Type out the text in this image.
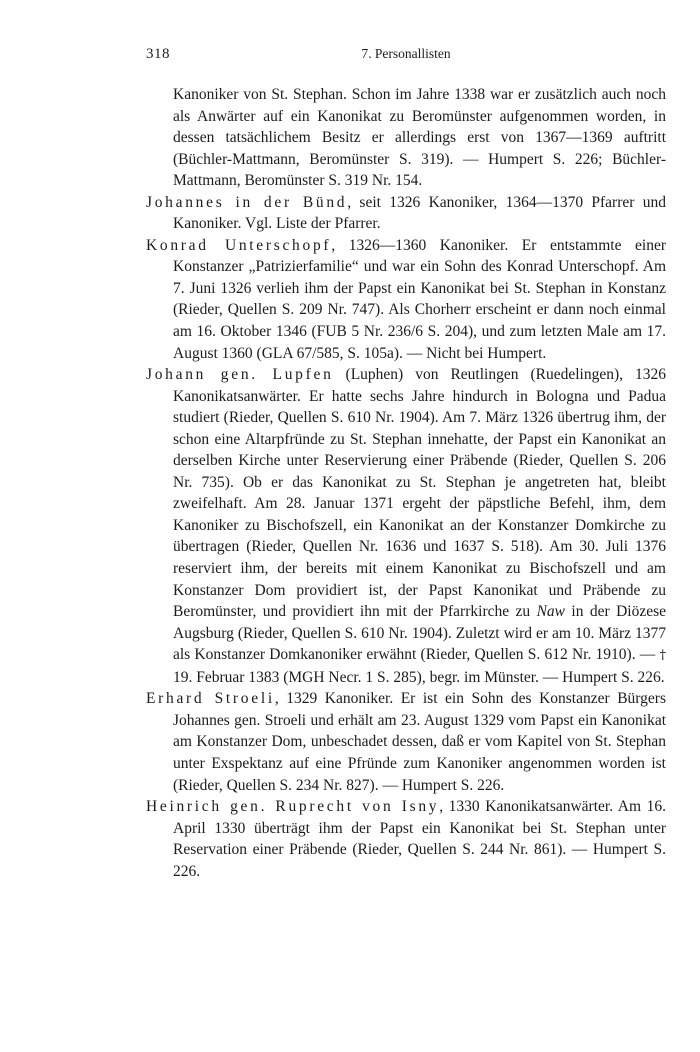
318	7. Personallisten

Kanoniker von St. Stephan. Schon im Jahre 1338 war er zusätzlich auch noch als Anwärter auf ein Kanonikat zu Beromünster aufgenommen worden, in dessen tatsächlichem Besitz er allerdings erst von 1367—1369 auftritt (Büchler-Mattmann, Beromünster S. 319). — Humpert S. 226; Büchler-Mattmann, Beromünster S. 319 Nr. 154.

Johannes in der Bünd, seit 1326 Kanoniker, 1364—1370 Pfarrer und Kanoniker. Vgl. Liste der Pfarrer.

Konrad Unterschopf, 1326—1360 Kanoniker. Er entstammte einer Konstanzer „Patrizierfamilie“ und war ein Sohn des Konrad Unterschopf. Am 7. Juni 1326 verlieh ihm der Papst ein Kanonikat bei St. Stephan in Konstanz (Rieder, Quellen S. 209 Nr. 747). Als Chorherr erscheint er dann noch einmal am 16. Oktober 1346 (FUB 5 Nr. 236/6 S. 204), und zum letzten Male am 17. August 1360 (GLA 67/585, S. 105a). — Nicht bei Humpert.

Johann gen. Lupfen (Luphen) von Reutlingen (Ruedelingen), 1326 Kanonikatsanwärter. Er hatte sechs Jahre hindurch in Bologna und Padua studiert (Rieder, Quellen S. 610 Nr. 1904). Am 7. März 1326 übertrug ihm, der schon eine Altarpfründe zu St. Stephan innehatte, der Papst ein Kanonikat an derselben Kirche unter Reservierung einer Präbende (Rieder, Quellen S. 206 Nr. 735). Ob er das Kanonikat zu St. Stephan je angetreten hat, bleibt zweifelhaft. Am 28. Januar 1371 ergeht der päpstliche Befehl, ihm, dem Kanoniker zu Bischofszell, ein Kanonikat an der Konstanzer Domkirche zu übertragen (Rieder, Quellen Nr. 1636 und 1637 S. 518). Am 30. Juli 1376 reserviert ihm, der bereits mit einem Kanonikat zu Bischofszell und am Konstanzer Dom providiert ist, der Papst Kanonikat und Präbende zu Beromünster, und providiert ihn mit der Pfarrkirche zu Naw in der Diözese Augsburg (Rieder, Quellen S. 610 Nr. 1904). Zuletzt wird er am 10. März 1377 als Konstanzer Domkanoniker erwähnt (Rieder, Quellen S. 612 Nr. 1910). — † 19. Februar 1383 (MGH Necr. 1 S. 285), begr. im Münster. — Humpert S. 226.

Erhard Stroeli, 1329 Kanoniker. Er ist ein Sohn des Konstanzer Bürgers Johannes gen. Stroeli und erhält am 23. August 1329 vom Papst ein Kanonikat am Konstanzer Dom, unbeschadet dessen, daß er vom Kapitel von St. Stephan unter Exspektanz auf eine Pfründe zum Kanoniker angenommen worden ist (Rieder, Quellen S. 234 Nr. 827). — Humpert S. 226.

Heinrich gen. Ruprecht von Isny, 1330 Kanonikatsanwärter. Am 16. April 1330 überträgt ihm der Papst ein Kanonikat bei St. Stephan unter Reservation einer Präbende (Rieder, Quellen S. 244 Nr. 861). — Humpert S. 226.
